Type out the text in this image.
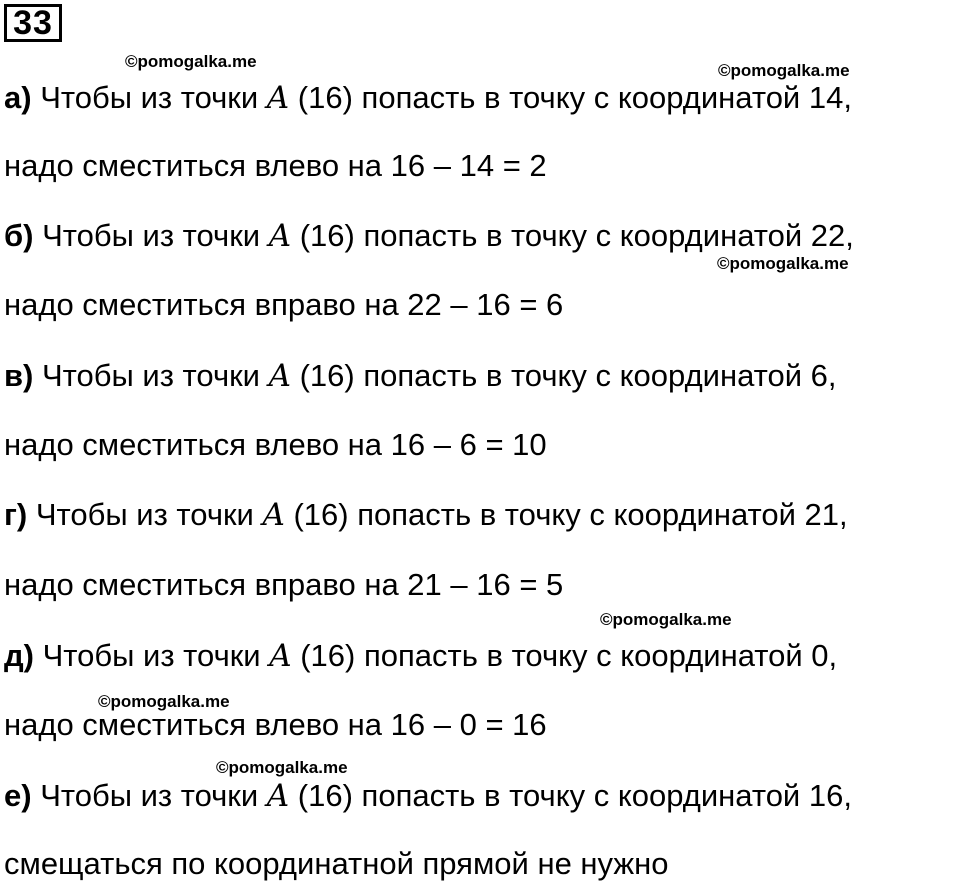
33
а) Чтобы из точки A (16) попасть в точку с координатой 14,
надо сместиться влево на 16 – 14 = 2
б) Чтобы из точки A (16) попасть в точку с координатой 22,
надо сместиться вправо на 22 – 16 = 6
в) Чтобы из точки A (16) попасть в точку с координатой 6,
надо сместиться влево на 16 – 6 = 10
г) Чтобы из точки A (16) попасть в точку с координатой 21,
надо сместиться вправо на 21 – 16 = 5
д) Чтобы из точки A (16) попасть в точку с координатой 0,
надо сместиться влево на 16 – 0 = 16
е) Чтобы из точки A (16) попасть в точку с координатой 16,
смещаться по координатной прямой не нужно
©pomogalka.me	©pomogalka.me
©pomogalka.me
©pomogalka.me
©pomogalka.me
©pomogalka.me
